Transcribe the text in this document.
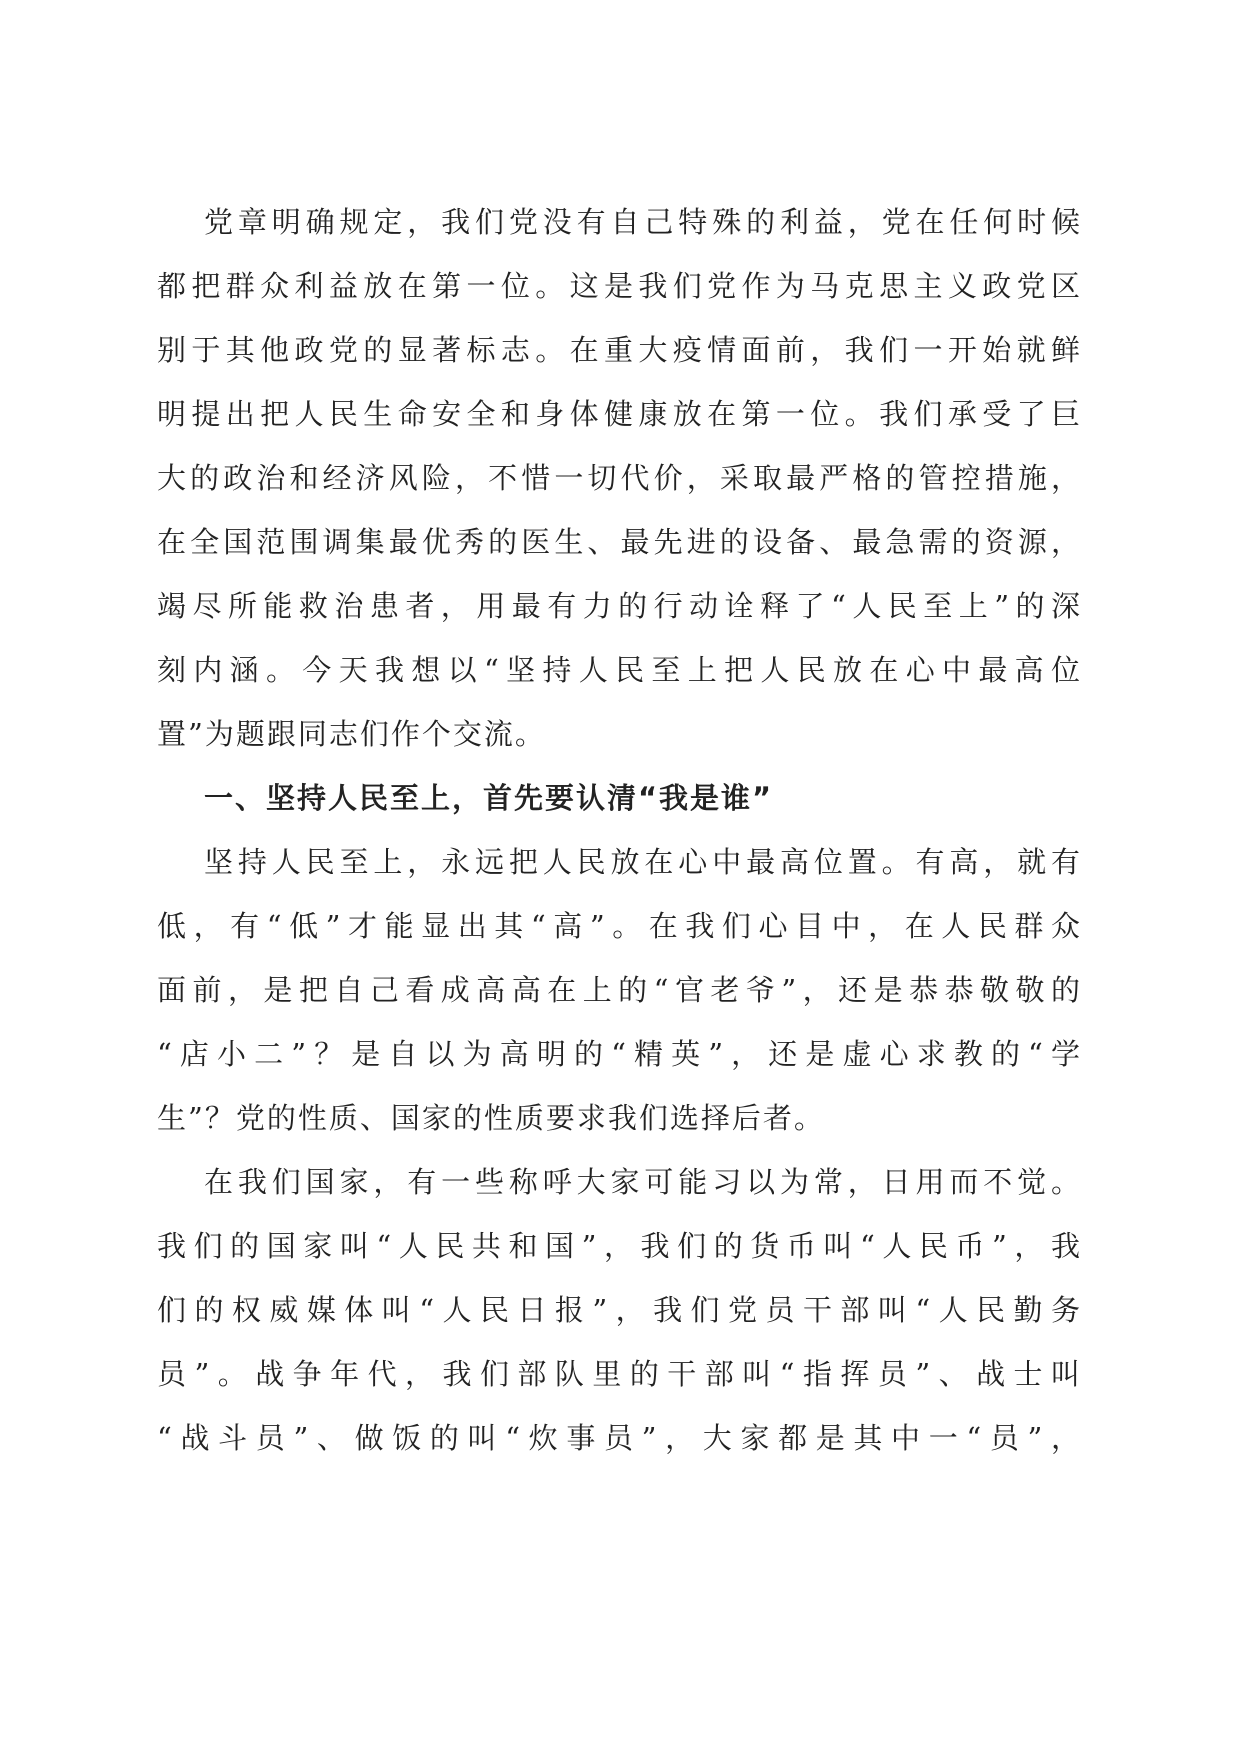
党章明确规定，我们党没有自己特殊的利益，党在任何时候
都把群众利益放在第一位。这是我们党作为马克思主义政党区
别于其他政党的显著标志。在重大疫情面前，我们一开始就鲜
明提出把人民生命安全和身体健康放在第一位。我们承受了巨
大的政治和经济风险，不惜一切代价，采取最严格的管控措施，
在全国范围调集最优秀的医生、最先进的设备、最急需的资源，
竭尽所能救治患者，用最有力的行动诠释了“人民至上”的深
刻内涵。今天我想以“坚持人民至上把人民放在心中最高位
置”为题跟同志们作个交流。
一、坚持人民至上，首先要认清“我是谁”
坚持人民至上，永远把人民放在心中最高位置。有高，就有
低，有“低”才能显出其“高”。在我们心目中，在人民群众
面前，是把自己看成高高在上的“官老爷”，还是恭恭敬敬的
“店小二”？是自以为高明的“精英”，还是虚心求教的“学
生”？党的性质、国家的性质要求我们选择后者。
在我们国家，有一些称呼大家可能习以为常，日用而不觉。
我们的国家叫“人民共和国”，我们的货币叫“人民币”，我
们的权威媒体叫“人民日报”，我们党员干部叫“人民勤务
员”。战争年代，我们部队里的干部叫“指挥员”、战士叫
“战斗员”、做饭的叫“炊事员”，大家都是其中一“员”，
